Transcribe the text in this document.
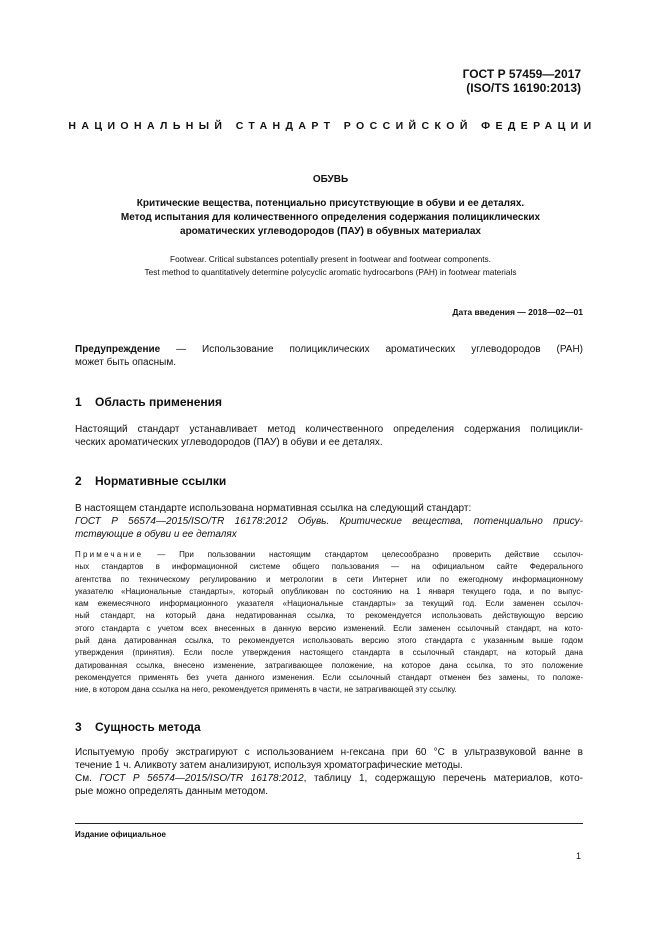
ГОСТ Р 57459—2017
(ISO/TS 16190:2013)
НАЦИОНАЛЬНЫЙ СТАНДАРТ РОССИЙСКОЙ ФЕДЕРАЦИИ
ОБУВЬ
Критические вещества, потенциально присутствующие в обуви и ее деталях.
Метод испытания для количественного определения содержания полициклических
ароматических углеводородов (ПАУ) в обувных материалах
Footwear. Critical substances potentially present in footwear and footwear components.
Test method to quantitatively determine polycyclic aromatic hydrocarbons (PAH) in footwear materials
Дата введения — 2018—02—01
Предупреждение — Использование полициклических ароматических углеводородов (PAH)
может быть опасным.
1 Область применения
Настоящий стандарт устанавливает метод количественного определения содержания полицикли-
ческих ароматических углеводородов (ПАУ) в обуви и ее деталях.
2 Нормативные ссылки
В настоящем стандарте использована нормативная ссылка на следующий стандарт:
ГОСТ Р 56574—2015/ISO/TR 16178:2012 Обувь. Критические вещества, потенциально прису-
тствующие в обуви и ее деталях
Примечание — При пользовании настоящим стандартом целесообразно проверить действие ссылоч-
ных стандартов в информационной системе общего пользования — на официальном сайте Федерального
агентства по техническому регулированию и метрологии в сети Интернет или по ежегодному информационному
указателю «Национальные стандарты», который опубликован по состоянию на 1 января текущего года, и по выпус-
кам ежемесячного информационного указателя «Национальные стандарты» за текущий год. Если заменен ссылоч-
ный стандарт, на который дана недатированная ссылка, то рекомендуется использовать действующую версию
этого стандарта с учетом всех внесенных в данную версию изменений. Если заменен ссылочный стандарт, на кото-
рый дана датированная ссылка, то рекомендуется использовать версию этого стандарта с указанным выше годом
утверждения (принятия). Если после утверждения настоящего стандарта в ссылочный стандарт, на который дана
датированная ссылка, внесено изменение, затрагивающее положение, на которое дана ссылка, то это положение
рекомендуется применять без учета данного изменения. Если ссылочный стандарт отменен без замены, то положе-
ние, в котором дана ссылка на него, рекомендуется применять в части, не затрагивающей эту ссылку.
3 Сущность метода
Испытуемую пробу экстрагируют с использованием н-гексана при 60 °С в ультразвуковой ванне в
течение 1 ч. Аликвоту затем анализируют, используя хроматографические методы.
См. ГОСТ Р 56574—2015/ISO/TR 16178:2012, таблицу 1, содержащую перечень материалов, кото-
рые можно определять данным методом.
Издание официальное
1
